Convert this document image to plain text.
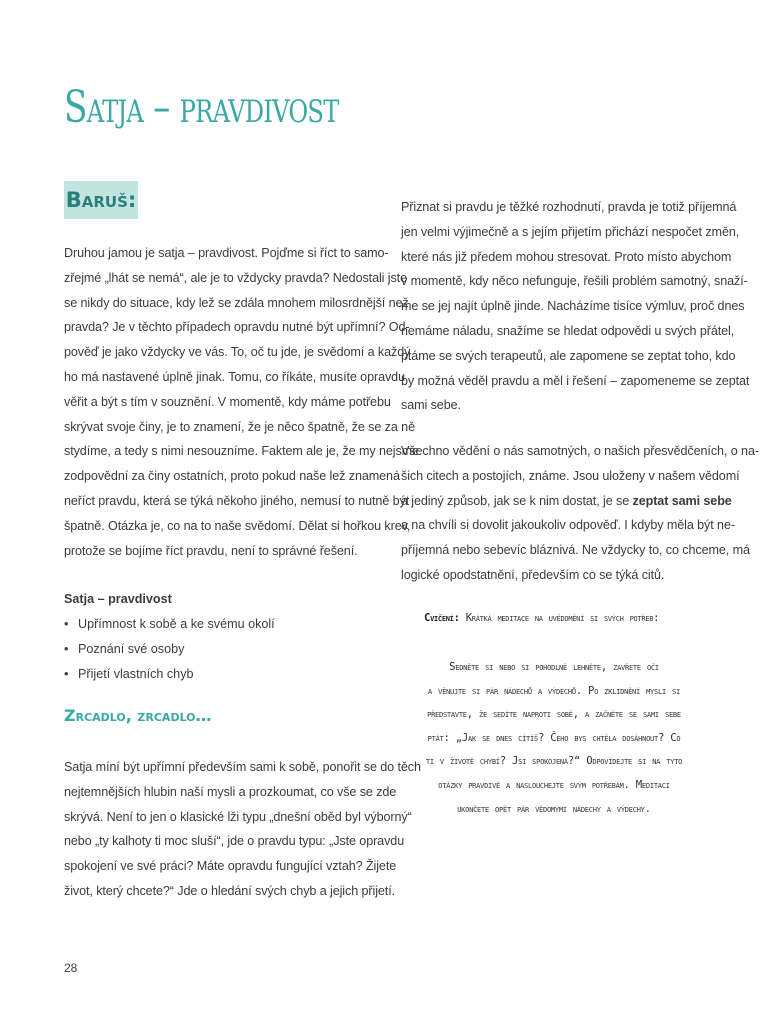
Satja – pravdivost
Baruš:

Druhou jamou je satja – pravdivost. Pojďme si říct to samo-
zřejmé „lhát se nemá“, ale je to vždycky pravda? Nedostali jste
se nikdy do situace, kdy lež se zdála mnohem milosrdnější než
pravda? Je v těchto případech opravdu nutné být upřímní? Od-
pověď je jako vždycky ve vás. To, oč tu jde, je svědomí a každý
ho má nastavené úplně jinak. Tomu, co říkáte, musíte opravdu
věřit a být s tím v souznění. V momentě, kdy máme potřebu
skrývat svoje činy, je to znamení, že je něco špatně, že se za ně
stydíme, a tedy s nimi nesouzníme. Faktem ale je, že my nejsme
zodpovědní za činy ostatních, proto pokud naše lež znamená
neříct pravdu, která se týká někoho jiného, nemusí to nutně být
špatně. Otázka je, co na to naše svědomí. Dělat si hořkou krev,
protože se bojíme říct pravdu, není to správné řešení.

Satja – pravdivost
• Upřímnost k sobě a ke svému okolí
• Poznání své osoby
• Přijetí vlastních chyb
Zrcadlo, zrcadlo…

Satja míní být upřímní především sami k sobě, ponořit se do těch
nejtemnějších hlubin naší mysli a prozkoumat, co vše se zde
skrývá. Není to jen o klasické lži typu „dnešní oběd byl výborný“
nebo „ty kalhoty ti moc sluší“, jde o pravdu typu: „Jste opravdu
spokojení ve své práci? Máte opravdu fungující vztah? Žijete
život, který chcete?“ Jde o hledání svých chyb a jejich přijetí.

Přiznat si pravdu je těžké rozhodnutí, pravda je totiž příjemná
jen velmi výjimečně a s jejím přijetím přichází nespočet změn,
které nás již předem mohou stresovat. Proto místo abychom
v momentě, kdy něco nefunguje, řešili problém samotný, snaží-
me se jej najít úplně jinde. Nacházíme tisíce výmluv, proč dnes
nemáme náladu, snažíme se hledat odpovědi u svých přátel,
ptáme se svých terapeutů, ale zapomene se zeptat toho, kdo
by možná věděl pravdu a měl i řešení – zapomeneme se zeptat
sami sebe.

Všechno vědění o nás samotných, o našich přesvědčeních, o na-
šich citech a postojích, známe. Jsou uloženy v našem vědomí
a jediný způsob, jak se k nim dostat, je se zeptat sami sebe
a na chvíli si dovolit jakoukoliv odpověď. I kdyby měla být ne-
příjemná nebo sebevíc bláznivá. Ne vždycky to, co chceme, má
logické opodstatnění, především co se týká citů.

Cvičení: Krátká meditace na uvědomění si svých potřeb:
Sedněte si nebo si pohodlně lehněte, zavřete oči
a věnujte si pár nádechů a výdechů. Po zklidnění mysli si
představte, že sedíte naproti sobě, a začněte se sami sebe
ptát: „Jak se dnes cítíš? Čeho bys chtěla dosáhnout? Co
ti v životě chybí? Jsi spokojená?“ Odpovídejte si na tyto
otázky pravdivě a naslouchejte svým potřebám. Meditaci
ukončete opět pár vědomými nádechy a výdechy.
28
